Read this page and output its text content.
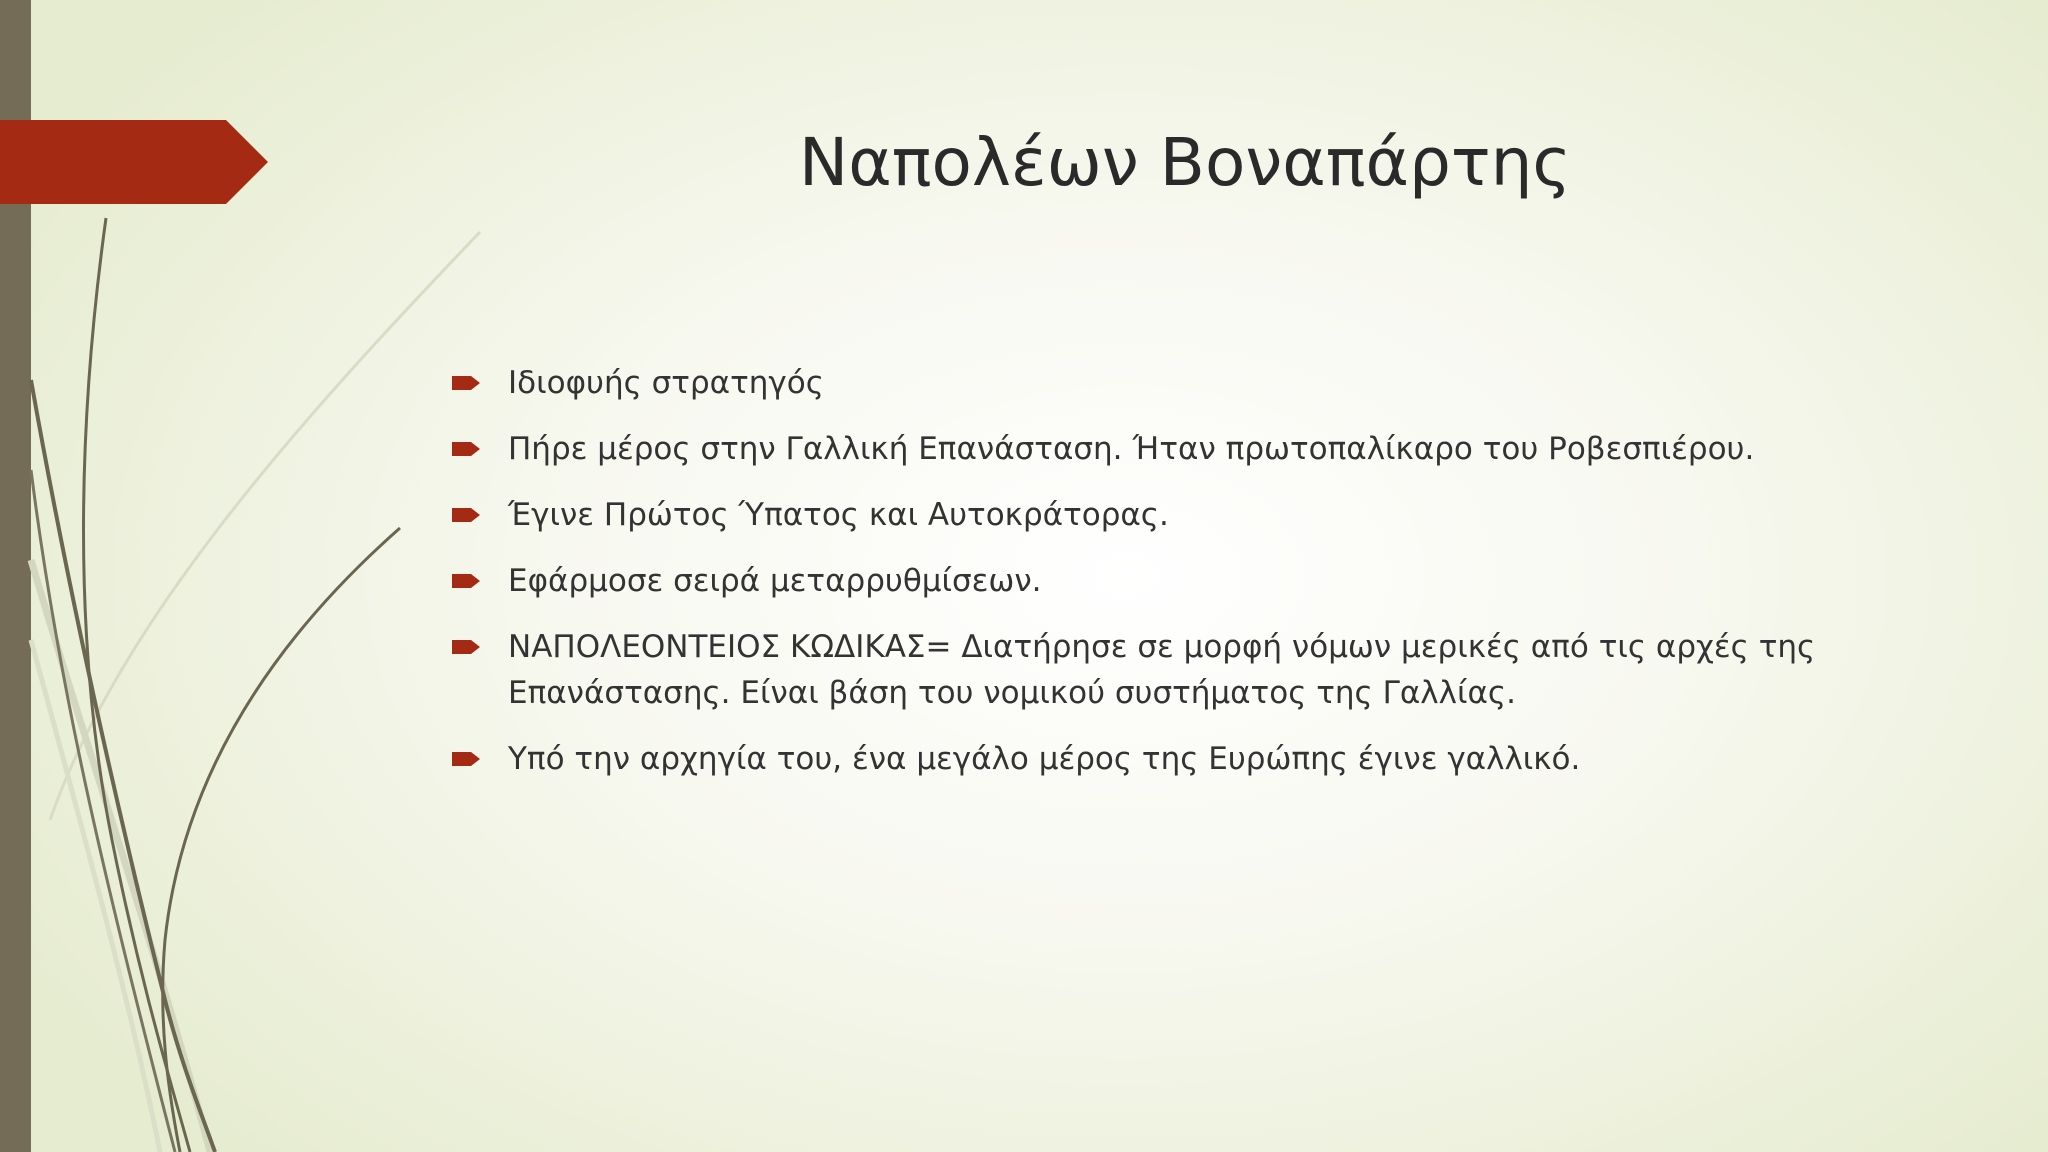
Ναπολέων Βοναπάρτης
Ιδιοφυής στρατηγός
Πήρε μέρος στην Γαλλική Επανάσταση. Ήταν πρωτοπαλίκαρο του Ροβεσπιέρου.
Έγινε Πρώτος Ύπατος και Αυτοκράτορας.
Εφάρμοσε σειρά μεταρρυθμίσεων.
ΝΑΠΟΛΕΟΝΤΕΙΟΣ ΚΩΔΙΚΑΣ= Διατήρησε σε μορφή νόμων μερικές από τις αρχές της Επανάστασης. Είναι βάση του νομικού συστήματος της Γαλλίας.
Υπό την αρχηγία του, ένα μεγάλο μέρος της Ευρώπης έγινε γαλλικό.
